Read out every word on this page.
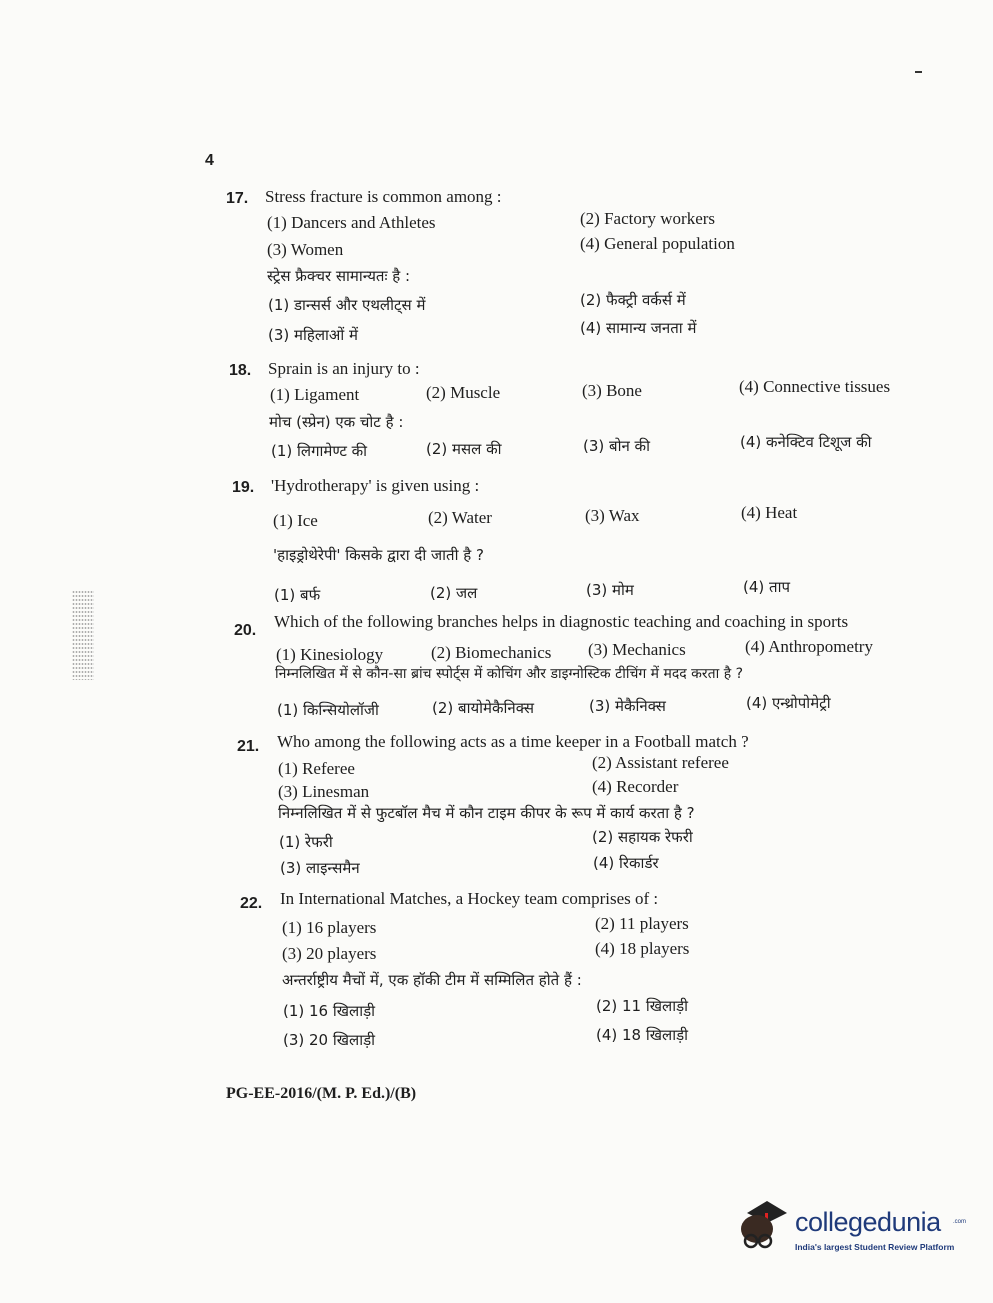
4
17. Stress fracture is common among :
(1) Dancers and Athletes	(2) Factory workers
(3) Women	(4) General population
स्ट्रेस फ्रैक्चर सामान्यतः है :
(1) डान्सर्स और एथलीट्स में	(2) फैक्ट्री वर्कर्स में
(3) महिलाओं में	(4) सामान्य जनता में
18. Sprain is an injury to :
(1) Ligament	(2) Muscle	(3) Bone	(4) Connective tissues
मोच (स्प्रेन) एक चोट है :
(1) लिगामेण्ट की	(2) मसल की	(3) बोन की	(4) कनेक्टिव टिशूज की
19. 'Hydrotherapy' is given using :
(1) Ice	(2) Water	(3) Wax	(4) Heat
'हाइड्रोथेरेपी' किसके द्वारा दी जाती है ?
(1) बर्फ	(2) जल	(3) मोम	(4) ताप
20. Which of the following branches helps in diagnostic teaching and coaching in sports
(1) Kinesiology	(2) Biomechanics (3) Mechanics	(4) Anthropometry
निम्नलिखित में से कौन-सा ब्रांच स्पोर्ट्स में कोचिंग और डाइग्नोस्टिक टीचिंग में मदद करता है ?
(1) किन्सियोलॉजी	(2) बायोमेकैनिक्स	(3) मेकैनिक्स	(4) एन्थ्रोपोमेट्री
21. Who among the following acts as a time keeper in a Football match ?
(1) Referee	(2) Assistant referee
(3) Linesman	(4) Recorder
निम्नलिखित में से फुटबॉल मैच में कौन टाइम कीपर के रूप में कार्य करता है ?
(1) रेफरी	(2) सहायक रेफरी
(3) लाइन्समैन	(4) रिकार्डर
22. In International Matches, a Hockey team comprises of :
(1) 16 players	(2) 11 players
(3) 20 players	(4) 18 players
अन्तर्राष्ट्रीय मैचों में, एक हॉकी टीम में सम्मिलित होते हैं :
(1) 16 खिलाड़ी	(2) 11 खिलाड़ी
(3) 20 खिलाड़ी	(4) 18 खिलाड़ी
PG-EE-2016/(M. P. Ed.)/(B)
collegedunia .com
India's largest Student Review Platform
